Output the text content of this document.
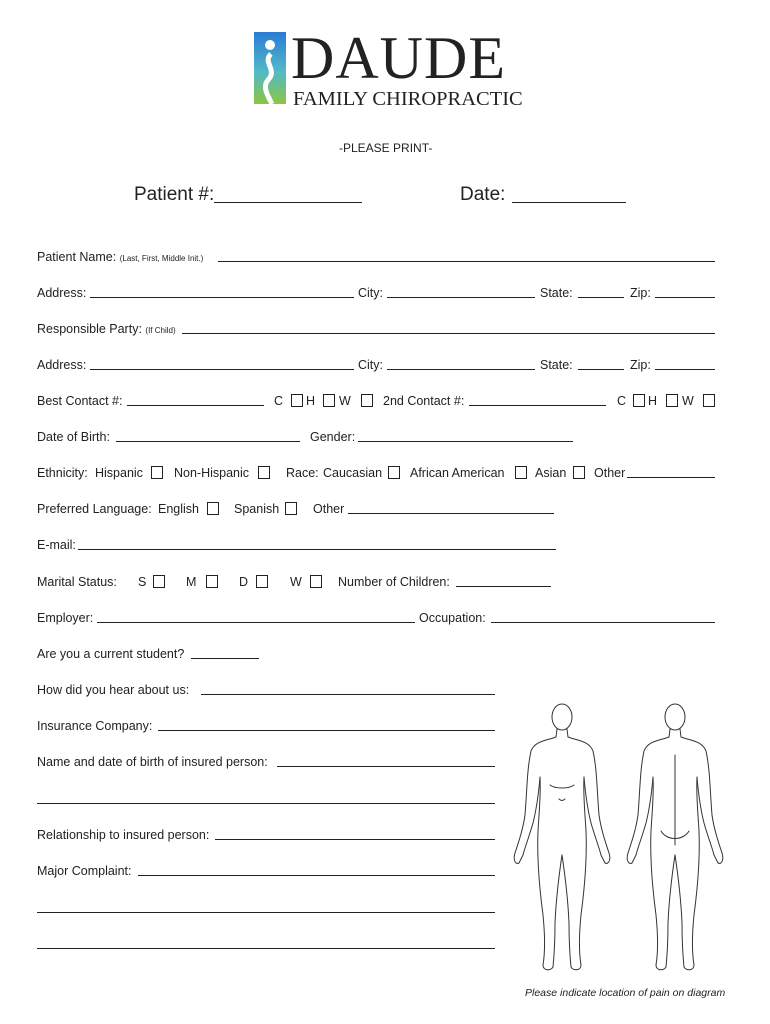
DAUDE
FAMILY CHIROPRACTIC
-PLEASE PRINT-
Patient #:	Date:
Patient Name: (Last, First, Middle Init.)
Address:	City:	State:	Zip:
Responsible Party: (If Child)
Address:	City:	State:	Zip:
Best Contact #:	C H W	2nd Contact #:	C H W
Date of Birth:	Gender:
Ethnicity: Hispanic Non-Hispanic	Race: Caucasian African American Asian Other
Preferred Language: English	Spanish	Other
E-mail:
Marital Status: S	M	D	W	Number of Children:
Employer:	Occupation:
Are you a current student?
How did you hear about us:
Insurance Company:
Name and date of birth of insured person:
Relationship to insured person:
Major Complaint:
Please indicate location of pain on diagram
